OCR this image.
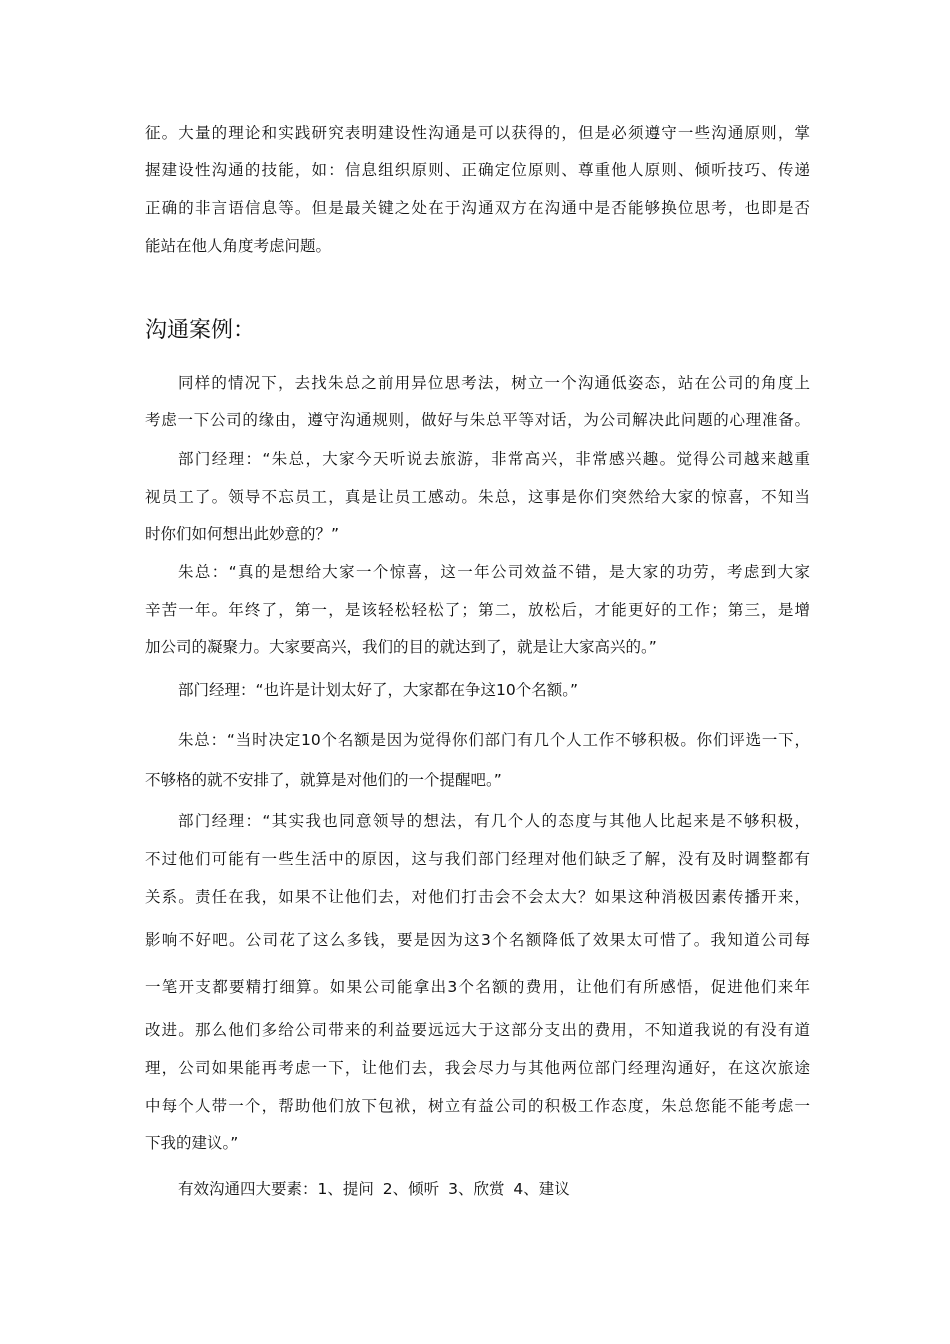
征。大量的理论和实践研究表明建设性沟通是可以获得的，但是必须遵守一些沟通原则，掌
握建设性沟通的技能，如：信息组织原则、正确定位原则、尊重他人原则、倾听技巧、传递
正确的非言语信息等。但是最关键之处在于沟通双方在沟通中是否能够换位思考，也即是否
能站在他人角度考虑问题。
沟通案例：
同样的情况下，去找朱总之前用异位思考法，树立一个沟通低姿态，站在公司的角度上
考虑一下公司的缘由，遵守沟通规则，做好与朱总平等对话，为公司解决此问题的心理准备。
部门经理：“朱总，大家今天听说去旅游，非常高兴，非常感兴趣。觉得公司越来越重
视员工了。领导不忘员工，真是让员工感动。朱总，这事是你们突然给大家的惊喜，不知当
时你们如何想出此妙意的？”
朱总：“真的是想给大家一个惊喜，这一年公司效益不错，是大家的功劳，考虑到大家
辛苦一年。年终了，第一，是该轻松轻松了；第二，放松后，才能更好的工作；第三，是增
加公司的凝聚力。大家要高兴，我们的目的就达到了，就是让大家高兴的。”
部门经理：“也许是计划太好了，大家都在争这10个名额。”
朱总：“当时决定10个名额是因为觉得你们部门有几个人工作不够积极。你们评选一下，
不够格的就不安排了，就算是对他们的一个提醒吧。”
部门经理：“其实我也同意领导的想法，有几个人的态度与其他人比起来是不够积极，
不过他们可能有一些生活中的原因，这与我们部门经理对他们缺乏了解，没有及时调整都有
关系。责任在我，如果不让他们去，对他们打击会不会太大？如果这种消极因素传播开来，
影响不好吧。公司花了这么多钱，要是因为这3个名额降低了效果太可惜了。我知道公司每
一笔开支都要精打细算。如果公司能拿出3个名额的费用，让他们有所感悟，促进他们来年
改进。那么他们多给公司带来的利益要远远大于这部分支出的费用，不知道我说的有没有道
理，公司如果能再考虑一下，让他们去，我会尽力与其他两位部门经理沟通好，在这次旅途
中每个人带一个，帮助他们放下包袱，树立有益公司的积极工作态度，朱总您能不能考虑一
下我的建议。”
有效沟通四大要素：1、提问 2、倾听 3、欣赏 4、建议
